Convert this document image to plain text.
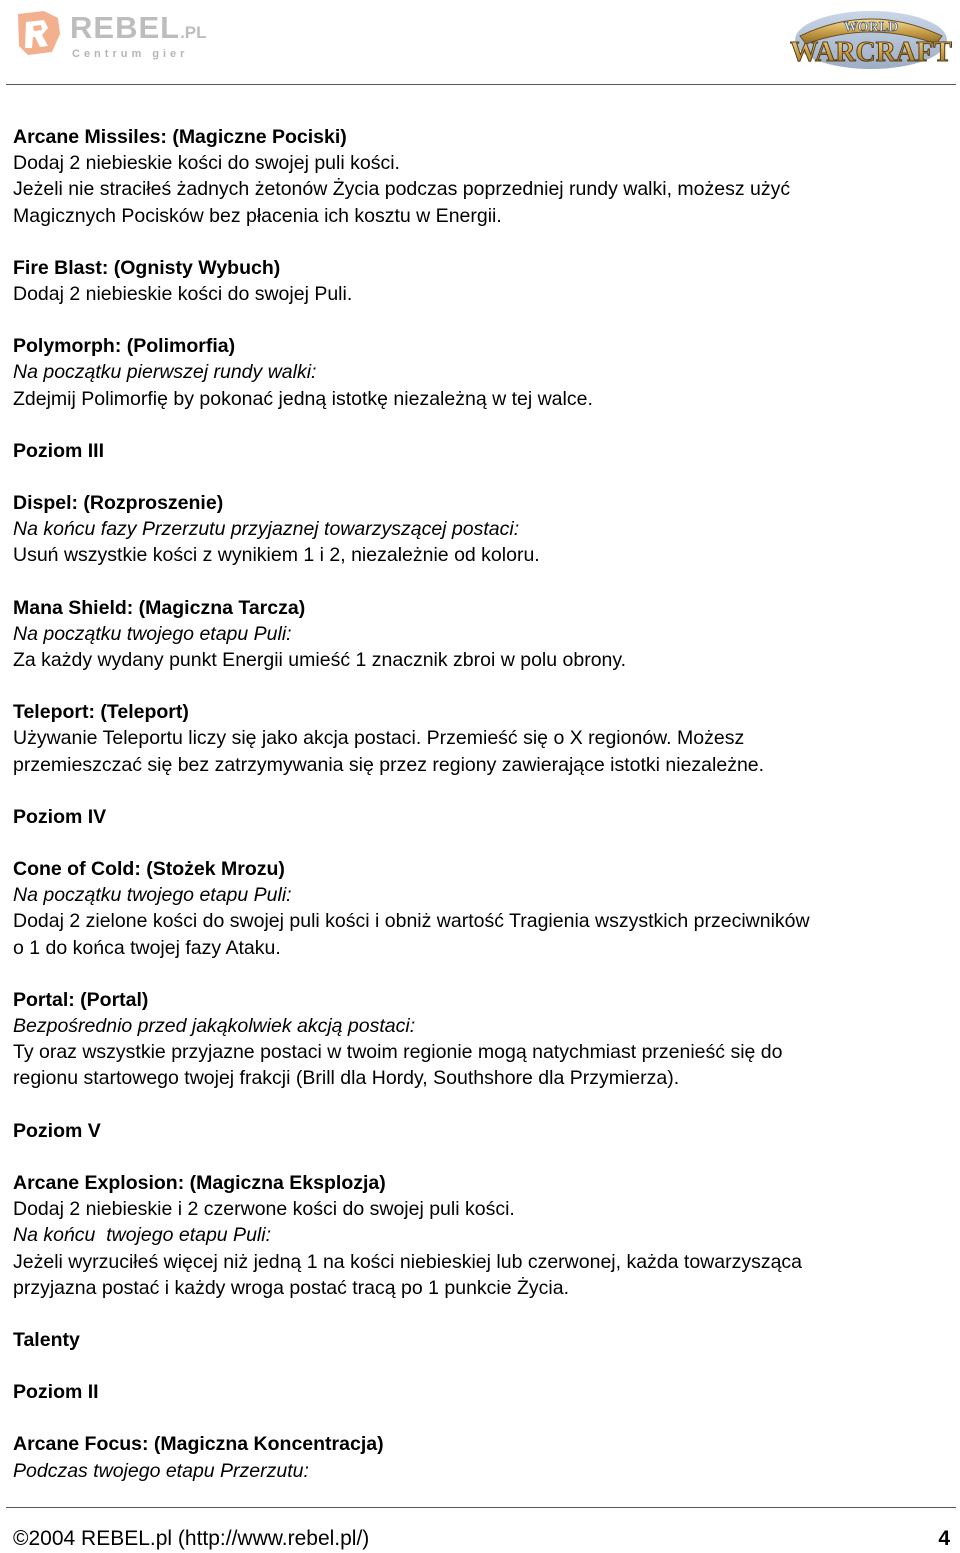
REBEL.PL
Centrum gier
WORLD
WARCRAFT

Arcane Missiles: (Magiczne Pociski)

Dodaj 2 niebieskie kości do swojej puli kości.

Jeżeli nie straciłeś żadnych żetonów Życia podczas poprzedniej rundy walki, możesz użyć

Magicznych Pocisków bez płacenia ich kosztu w Energii.

Fire Blast: (Ognisty Wybuch)

Dodaj 2 niebieskie kości do swojej Puli.

Polymorph: (Polimorfia)

Na początku pierwszej rundy walki:

Zdejmij Polimorfię by pokonać jedną istotkę niezależną w tej walce.

Poziom III

Dispel: (Rozproszenie)

Na końcu fazy Przerzutu przyjaznej towarzyszącej postaci:

Usuń wszystkie kości z wynikiem 1 i 2, niezależnie od koloru.

Mana Shield: (Magiczna Tarcza)

Na początku twojego etapu Puli:

Za każdy wydany punkt Energii umieść 1 znacznik zbroi w polu obrony.

Teleport: (Teleport)

Używanie Teleportu liczy się jako akcja postaci. Przemieść się o X regionów. Możesz

przemieszczać się bez zatrzymywania się przez regiony zawierające istotki niezależne.

Poziom IV

Cone of Cold: (Stożek Mrozu)

Na początku twojego etapu Puli:

Dodaj 2 zielone kości do swojej puli kości i obniż wartość Tragienia wszystkich przeciwników

o 1 do końca twojej fazy Ataku.

Portal: (Portal)

Bezpośrednio przed jakąkolwiek akcją postaci:

Ty oraz wszystkie przyjazne postaci w twoim regionie mogą natychmiast przenieść się do

regionu startowego twojej frakcji (Brill dla Hordy, Southshore dla Przymierza).

Poziom V

Arcane Explosion: (Magiczna Eksplozja)

Dodaj 2 niebieskie i 2 czerwone kości do swojej puli kości.

Na końcu  twojego etapu Puli:

Jeżeli wyrzuciłeś więcej niż jedną 1 na kości niebieskiej lub czerwonej, każda towarzysząca

przyjazna postać i każdy wroga postać tracą po 1 punkcie Życia.

Talenty

Poziom II

Arcane Focus: (Magiczna Koncentracja)

Podczas twojego etapu Przerzutu:

©2004 REBEL.pl (http://www.rebel.pl/)	4
